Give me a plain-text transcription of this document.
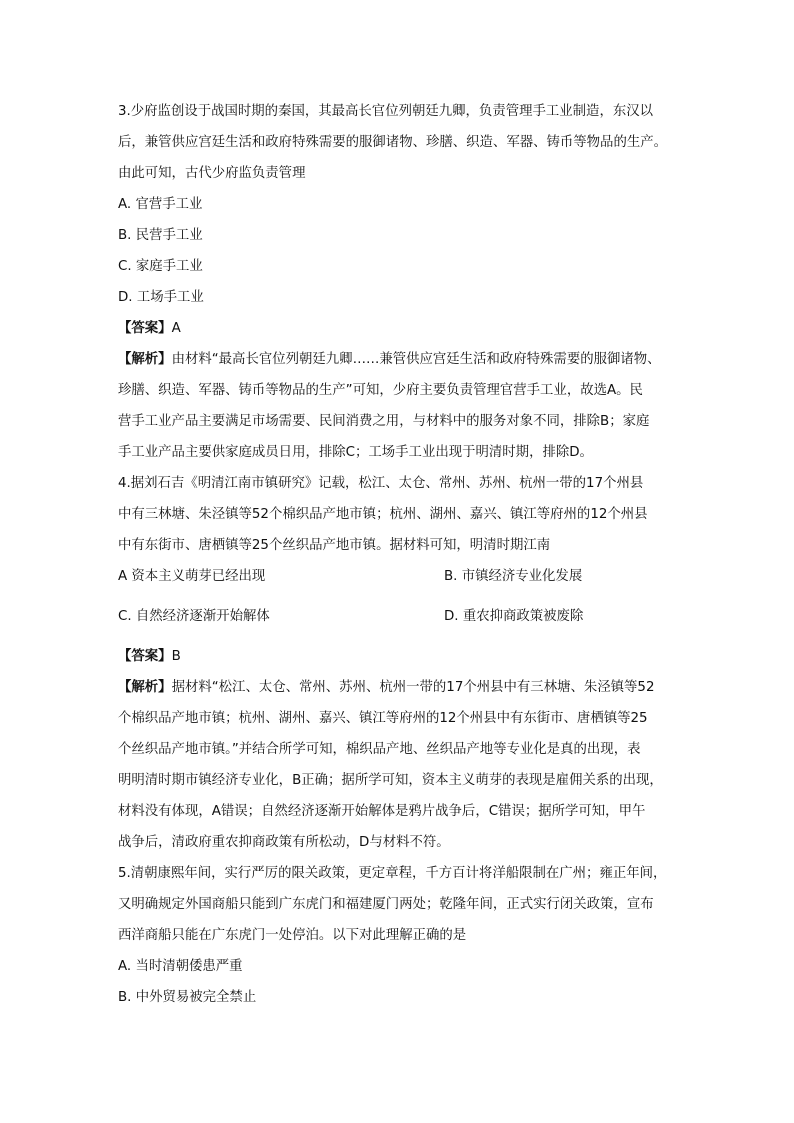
3.少府监创设于战国时期的秦国，其最高长官位列朝廷九卿，负责管理手工业制造，东汉以
后，兼管供应宫廷生活和政府特殊需要的服御诸物、珍膳、织造、军器、铸币等物品的生产。
由此可知，古代少府监负责管理

A. 官营手工业
B. 民营手工业
C. 家庭手工业
D. 工场手工业
【答案】A

【解析】由材料“最高长官位列朝廷九卿……兼管供应宫廷生活和政府特殊需要的服御诸物、
珍膳、织造、军器、铸币等物品的生产”可知，少府主要负责管理官营手工业，故选A。民
营手工业产品主要满足市场需要、民间消费之用，与材料中的服务对象不同，排除B；家庭
手工业产品主要供家庭成员日用，排除C；工场手工业出现于明清时期，排除D。

4.据刘石吉《明清江南市镇研究》记载，松江、太仓、常州、苏州、杭州一带的17个州县
中有三林塘、朱泾镇等52个棉织品产地市镇；杭州、湖州、嘉兴、镇江等府州的12个州县
中有东街市、唐栖镇等25个丝织品产地市镇。据材料可知，明清时期江南

A 资本主义萌芽已经出现	B. 市镇经济专业化发展
C. 自然经济逐渐开始解体	D. 重农抑商政策被废除
【答案】B

【解析】据材料“松江、太仓、常州、苏州、杭州一带的17个州县中有三林塘、朱泾镇等52
个棉织品产地市镇；杭州、湖州、嘉兴、镇江等府州的12个州县中有东街市、唐栖镇等25
个丝织品产地市镇。”并结合所学可知，棉织品产地、丝织品产地等专业化是真的出现，表
明明清时期市镇经济专业化，B正确；据所学可知，资本主义萌芽的表现是雇佣关系的出现，
材料没有体现，A错误；自然经济逐渐开始解体是鸦片战争后，C错误；据所学可知，甲午
战争后，清政府重农抑商政策有所松动，D与材料不符。

5.清朝康熙年间，实行严厉的限关政策，更定章程，千方百计将洋船限制在广州；雍正年间，
又明确规定外国商船只能到广东虎门和福建厦门两处；乾隆年间，正式实行闭关政策，宣布
西洋商船只能在广东虎门一处停泊。以下对此理解正确的是

A. 当时清朝倭患严重
B. 中外贸易被完全禁止
